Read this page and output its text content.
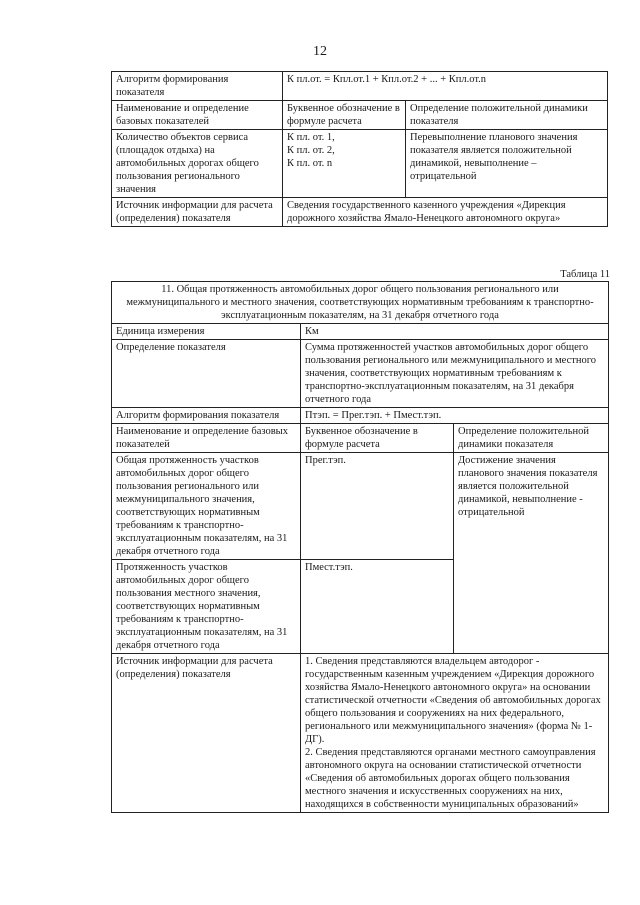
12
Алгоритм формирования показателя	К пл.от. = Кпл.от.1 + Кпл.от.2 + ... + Кпл.от.n	
Наименование и определение базовых показателей	Буквенное обозначение в формуле расчета	Определение положительной динамики показателя
Количество объектов сервиса (площадок отдыха) на автомобильных дорогах общего пользования регионального значения	К пл. от. 1,
К пл. от. 2,
К пл. от. n	Перевыполнение планового значения показателя является положительной динамикой, невыполнение – отрицательной
Источник информации для расчета (определения) показателя	Сведения государственного казенного учреждения «Дирекция дорожного хозяйства Ямало-Ненецкого автономного округа»	
Таблица 11
11. Общая протяженность автомобильных дорог общего пользования регионального или межмуниципального и местного значения, соответствующих нормативным требованиям к транспортно-эксплуатационным показателям, на 31 декабря отчетного года		
Единица измерения	Км	
Определение показателя	Сумма протяженностей участков автомобильных дорог общего пользования регионального или межмуниципального и местного значения, соответствующих нормативным требованиям к транспортно-эксплуатационным показателям, на 31 декабря отчетного года	
Алгоритм формирования показателя	Птэп. = Прег.тэп. + Пмест.тэп.	
Наименование и определение базовых показателей	Буквенное обозначение в формуле расчета	Определение положительной динамики показателя
Общая протяженность участков автомобильных дорог общего пользования регионального или межмуниципального значения, соответствующих нормативным требованиям к транспортно-эксплуатационным показателям, на 31 декабря отчетного года	Прег.тэп.	Достижение значения планового значения показателя является положительной динамикой, невыполнение - отрицательной
Протяженность участков автомобильных дорог общего пользования местного значения, соответствующих нормативным требованиям к транспортно-эксплуатационным показателям, на 31 декабря отчетного года	Пмест.тэп.	
Источник информации для расчета (определения) показателя	1. Сведения представляются владельцем автодорог - государственным казенным учреждением «Дирекция дорожного хозяйства Ямало-Ненецкого автономного округа» на основании статистической отчетности «Сведения об автомобильных дорогах общего пользования и сооружениях на них федерального, регионального или межмуниципального значения» (форма № 1-ДГ).
2. Сведения представляются органами местного самоуправления автономного округа на основании статистической отчетности «Сведения об автомобильных дорогах общего пользования местного значения и искусственных сооружениях на них, находящихся в собственности муниципальных образований»	
